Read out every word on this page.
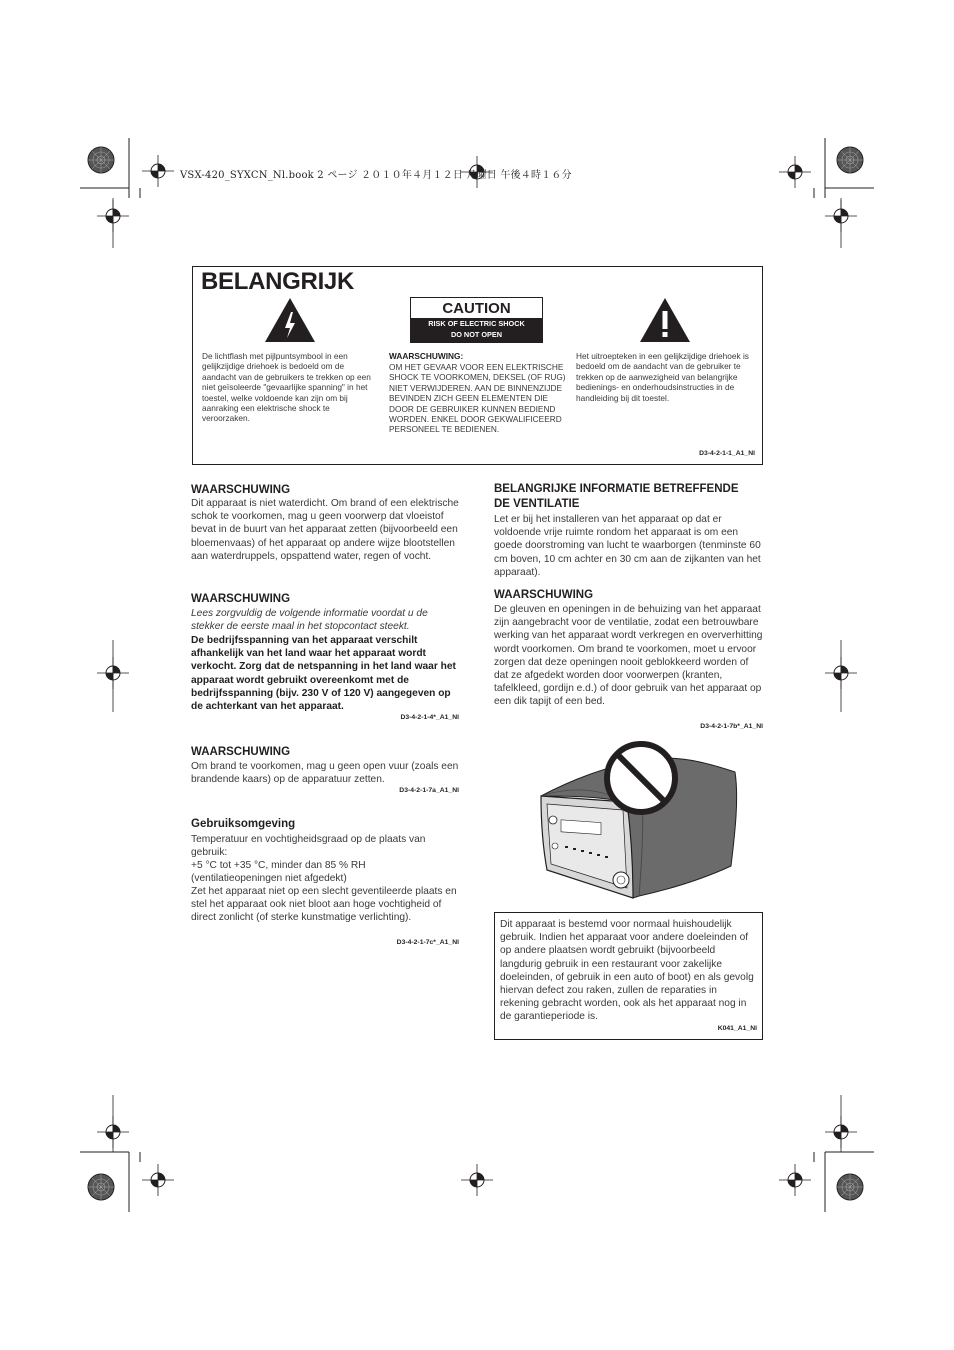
VSX-420_SYXCN_Nl.book 2 ページ ２０１０年４月１２日 月曜日 午後４時１６分
BELANGRIJK
CAUTION
RISK OF ELECTRIC SHOCK
DO NOT OPEN

De lichtflash met pijlpuntsymbool in een gelijkzijdige driehoek is bedoeld om de aandacht van de gebruikers te trekken op een niet geïsoleerde "gevaarlijke spanning" in het toestel, welke voldoende kan zijn om bij aanraking een elektrische shock te veroorzaken.

WAARSCHUWING:

OM HET GEVAAR VOOR EEN ELEKTRISCHE SHOCK TE VOORKOMEN, DEKSEL (OF RUG) NIET VERWIJDEREN. AAN DE BINNENZIJDE BEVINDEN ZICH GEEN ELEMENTEN DIE DOOR DE GEBRUIKER KUNNEN BEDIEND WORDEN. ENKEL DOOR GEKWALIFICEERD PERSONEEL TE BEDIENEN.

Het uitroepteken in een gelijkzijdige driehoek is bedoeld om de aandacht van de gebruiker te trekken op de aanwezigheid van belangrijke bedienings- en onderhoudsinstructies in de handleiding bij dit toestel.

D3-4-2-1-1_A1_Nl
WAARSCHUWING

Dit apparaat is niet waterdicht. Om brand of een elektrische schok te voorkomen, mag u geen voorwerp dat vloeistof bevat in de buurt van het apparaat zetten (bijvoorbeeld een bloemenvaas) of het apparaat op andere wijze blootstellen aan waterdruppels, opspattend water, regen of vocht.

WAARSCHUWING

Lees zorgvuldig de volgende informatie voordat u de stekker de eerste maal in het stopcontact steekt.

De bedrijfsspanning van het apparaat verschilt afhankelijk van het land waar het apparaat wordt verkocht. Zorg dat de netspanning in het land waar het apparaat wordt gebruikt overeenkomt met de bedrijfsspanning (bijv. 230 V of 120 V) aangegeven op de achterkant van het apparaat.

D3-4-2-1-4*_A1_Nl
WAARSCHUWING

Om brand te voorkomen, mag u geen open vuur (zoals een brandende kaars) op de apparatuur zetten.

D3-4-2-1-7a_A1_Nl
Gebruiksomgeving

Temperatuur en vochtigheidsgraad op de plaats van gebruik:

+5 °C tot +35 °C, minder dan 85 % RH (ventilatieopeningen niet afgedekt)

Zet het apparaat niet op een slecht geventileerde plaats en stel het apparaat ook niet bloot aan hoge vochtigheid of direct zonlicht (of sterke kunstmatige verlichting).

D3-4-2-1-7c*_A1_Nl
BELANGRIJKE INFORMATIE BETREFFENDE DE VENTILATIE

Let er bij het installeren van het apparaat op dat er voldoende vrije ruimte rondom het apparaat is om een goede doorstroming van lucht te waarborgen (tenminste 60 cm boven, 10 cm achter en 30 cm aan de zijkanten van het apparaat).

WAARSCHUWING

De gleuven en openingen in de behuizing van het apparaat zijn aangebracht voor de ventilatie, zodat een betrouwbare werking van het apparaat wordt verkregen en oververhitting wordt voorkomen. Om brand te voorkomen, moet u ervoor zorgen dat deze openingen nooit geblokkeerd worden of dat ze afgedekt worden door voorwerpen (kranten, tafelkleed, gordijn e.d.) of door gebruik van het apparaat op een dik tapijt of een bed.

D3-4-2-1-7b*_A1_Nl

Dit apparaat is bestemd voor normaal huishoudelijk gebruik. Indien het apparaat voor andere doeleinden of op andere plaatsen wordt gebruikt (bijvoorbeeld langdurig gebruik in een restaurant voor zakelijke doeleinden, of gebruik in een auto of boot) en als gevolg hiervan defect zou raken, zullen de reparaties in rekening gebracht worden, ook als het apparaat nog in de garantieperiode is.

K041_A1_Nl
